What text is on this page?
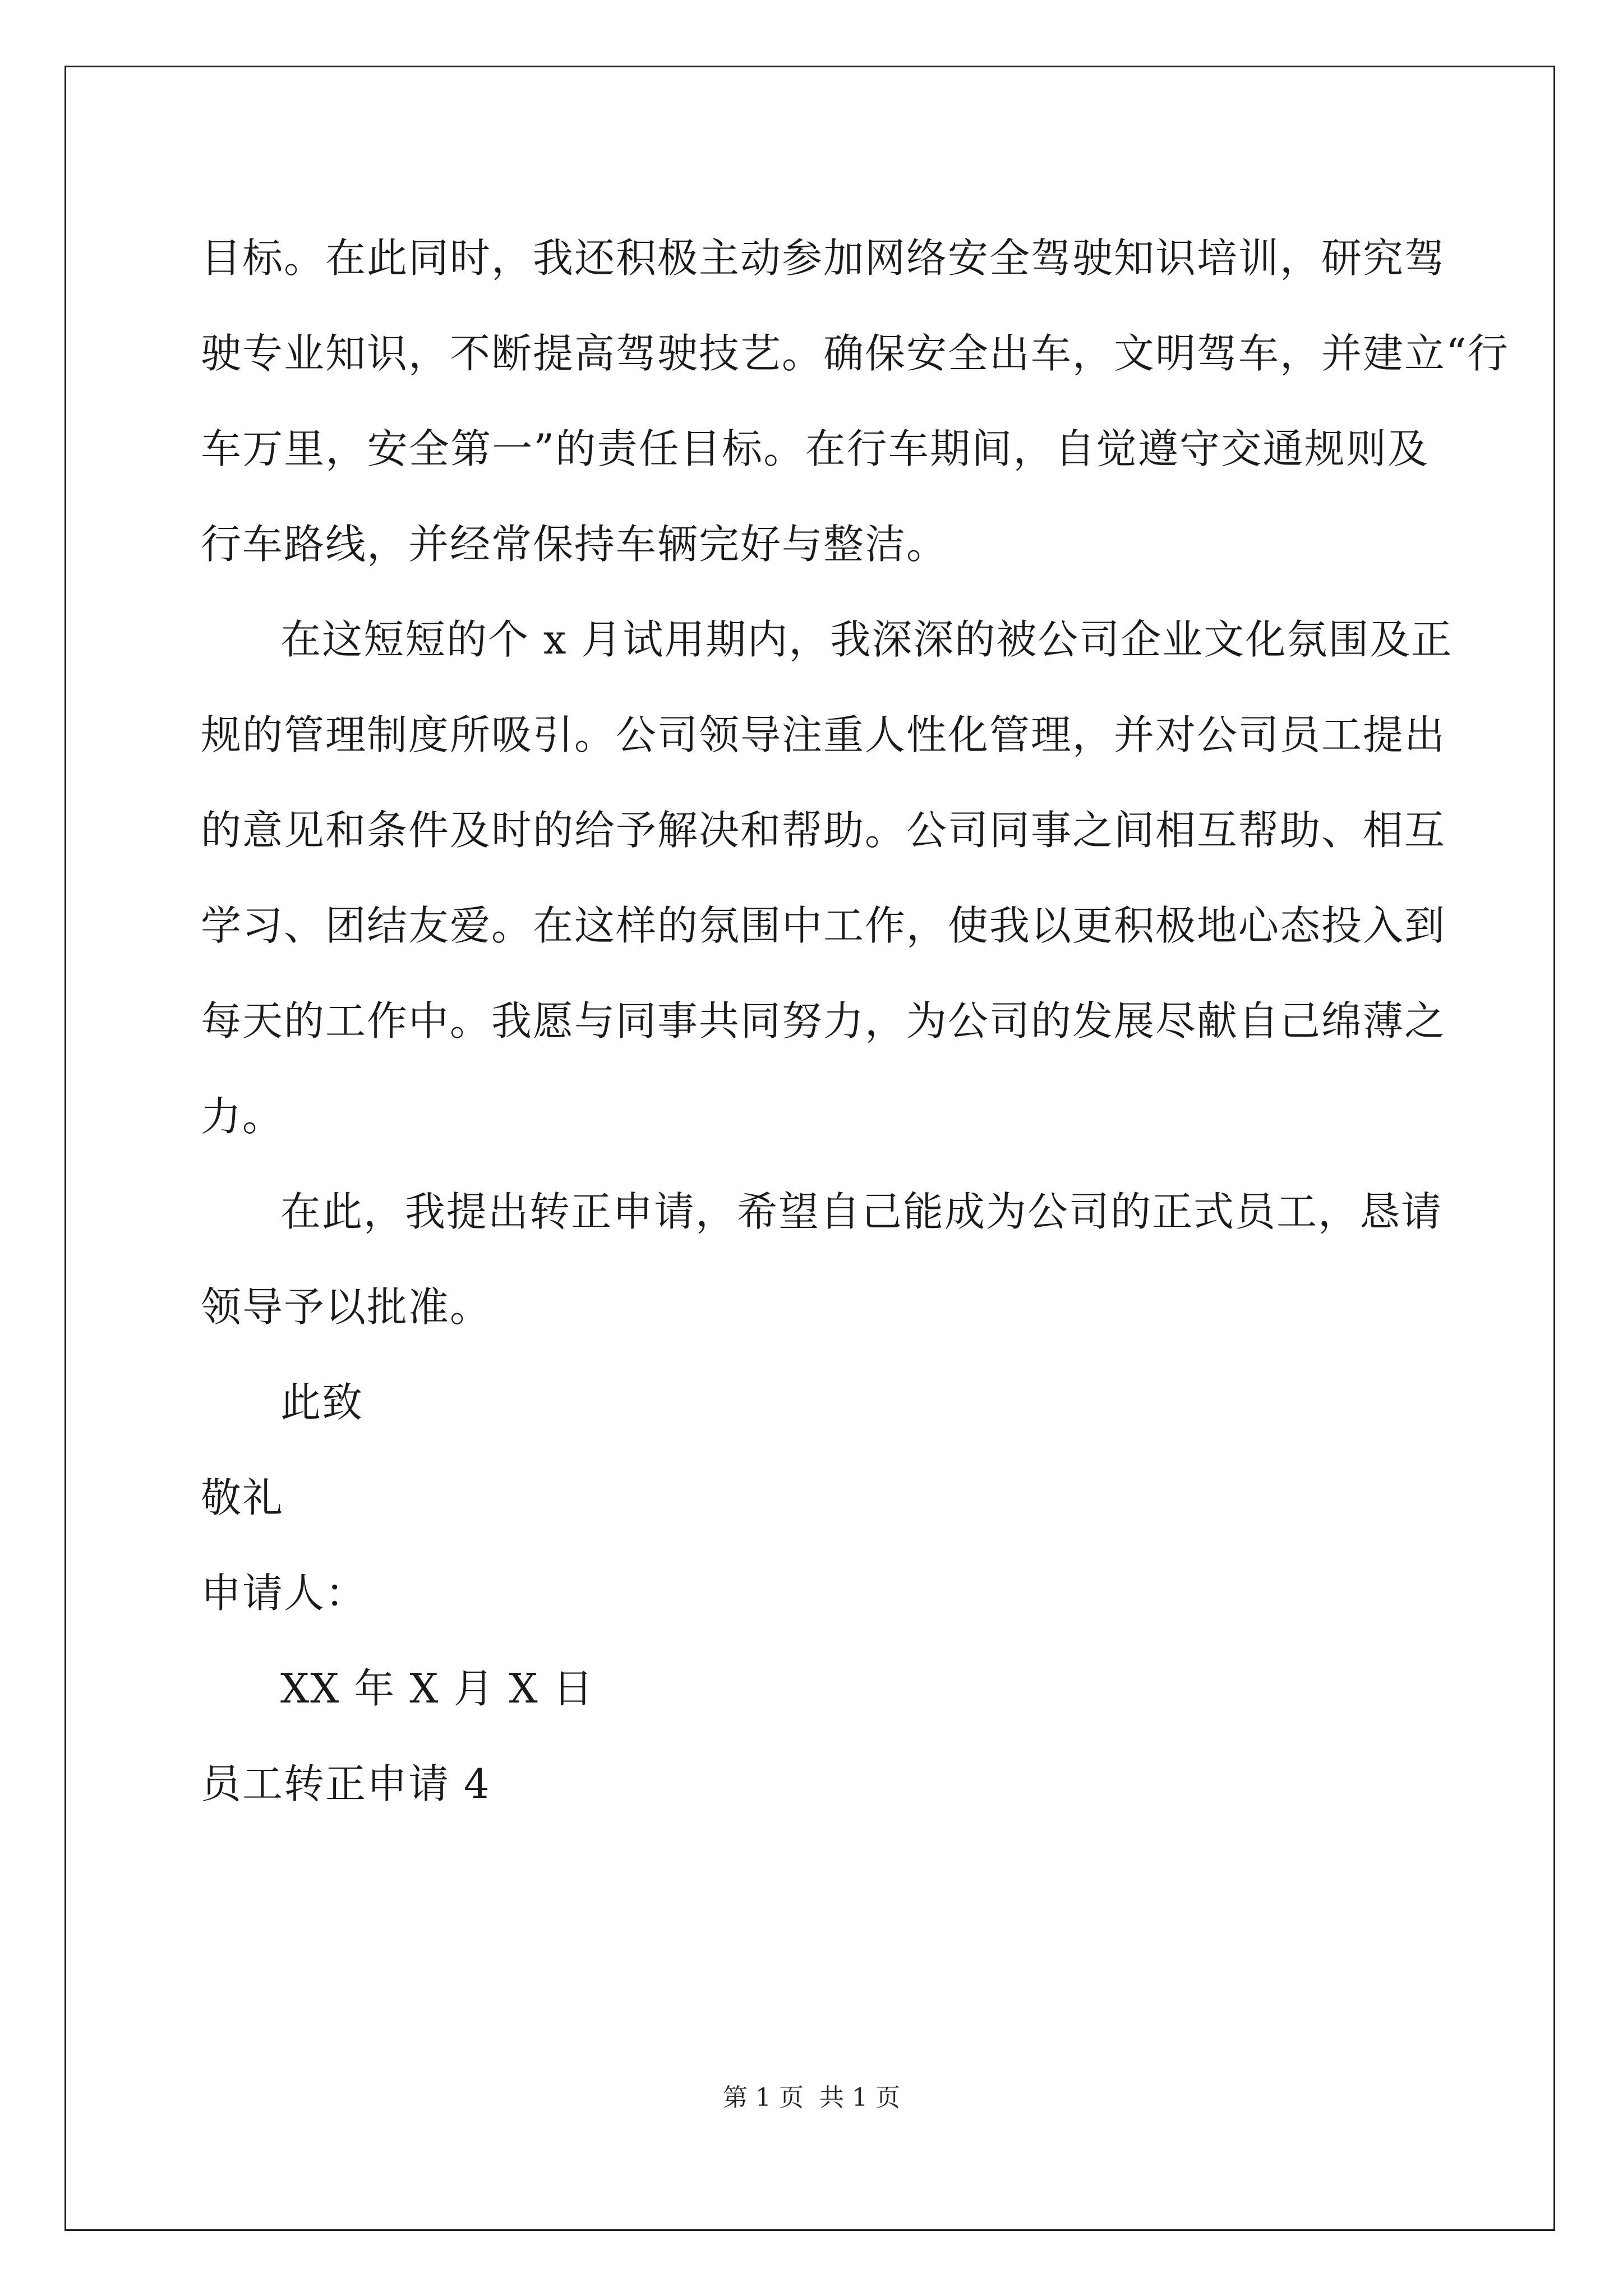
目标。在此同时，我还积极主动参加网络安全驾驶知识培训，研究驾
驶专业知识，不断提高驾驶技艺。确保安全出车，文明驾车，并建立“行
车万里，安全第一”的责任目标。在行车期间，自觉遵守交通规则及
行车路线，并经常保持车辆完好与整洁。
在这短短的个 x 月试用期内，我深深的被公司企业文化氛围及正
规的管理制度所吸引。公司领导注重人性化管理，并对公司员工提出
的意见和条件及时的给予解决和帮助。公司同事之间相互帮助、相互
学习、团结友爱。在这样的氛围中工作，使我以更积极地心态投入到
每天的工作中。我愿与同事共同努力，为公司的发展尽献自己绵薄之
力。
在此，我提出转正申请，希望自己能成为公司的正式员工，恳请
领导予以批准。
此致
敬礼
申请人：
XX 年 X 月 X 日
员工转正申请 4
第 1 页 共 1 页
